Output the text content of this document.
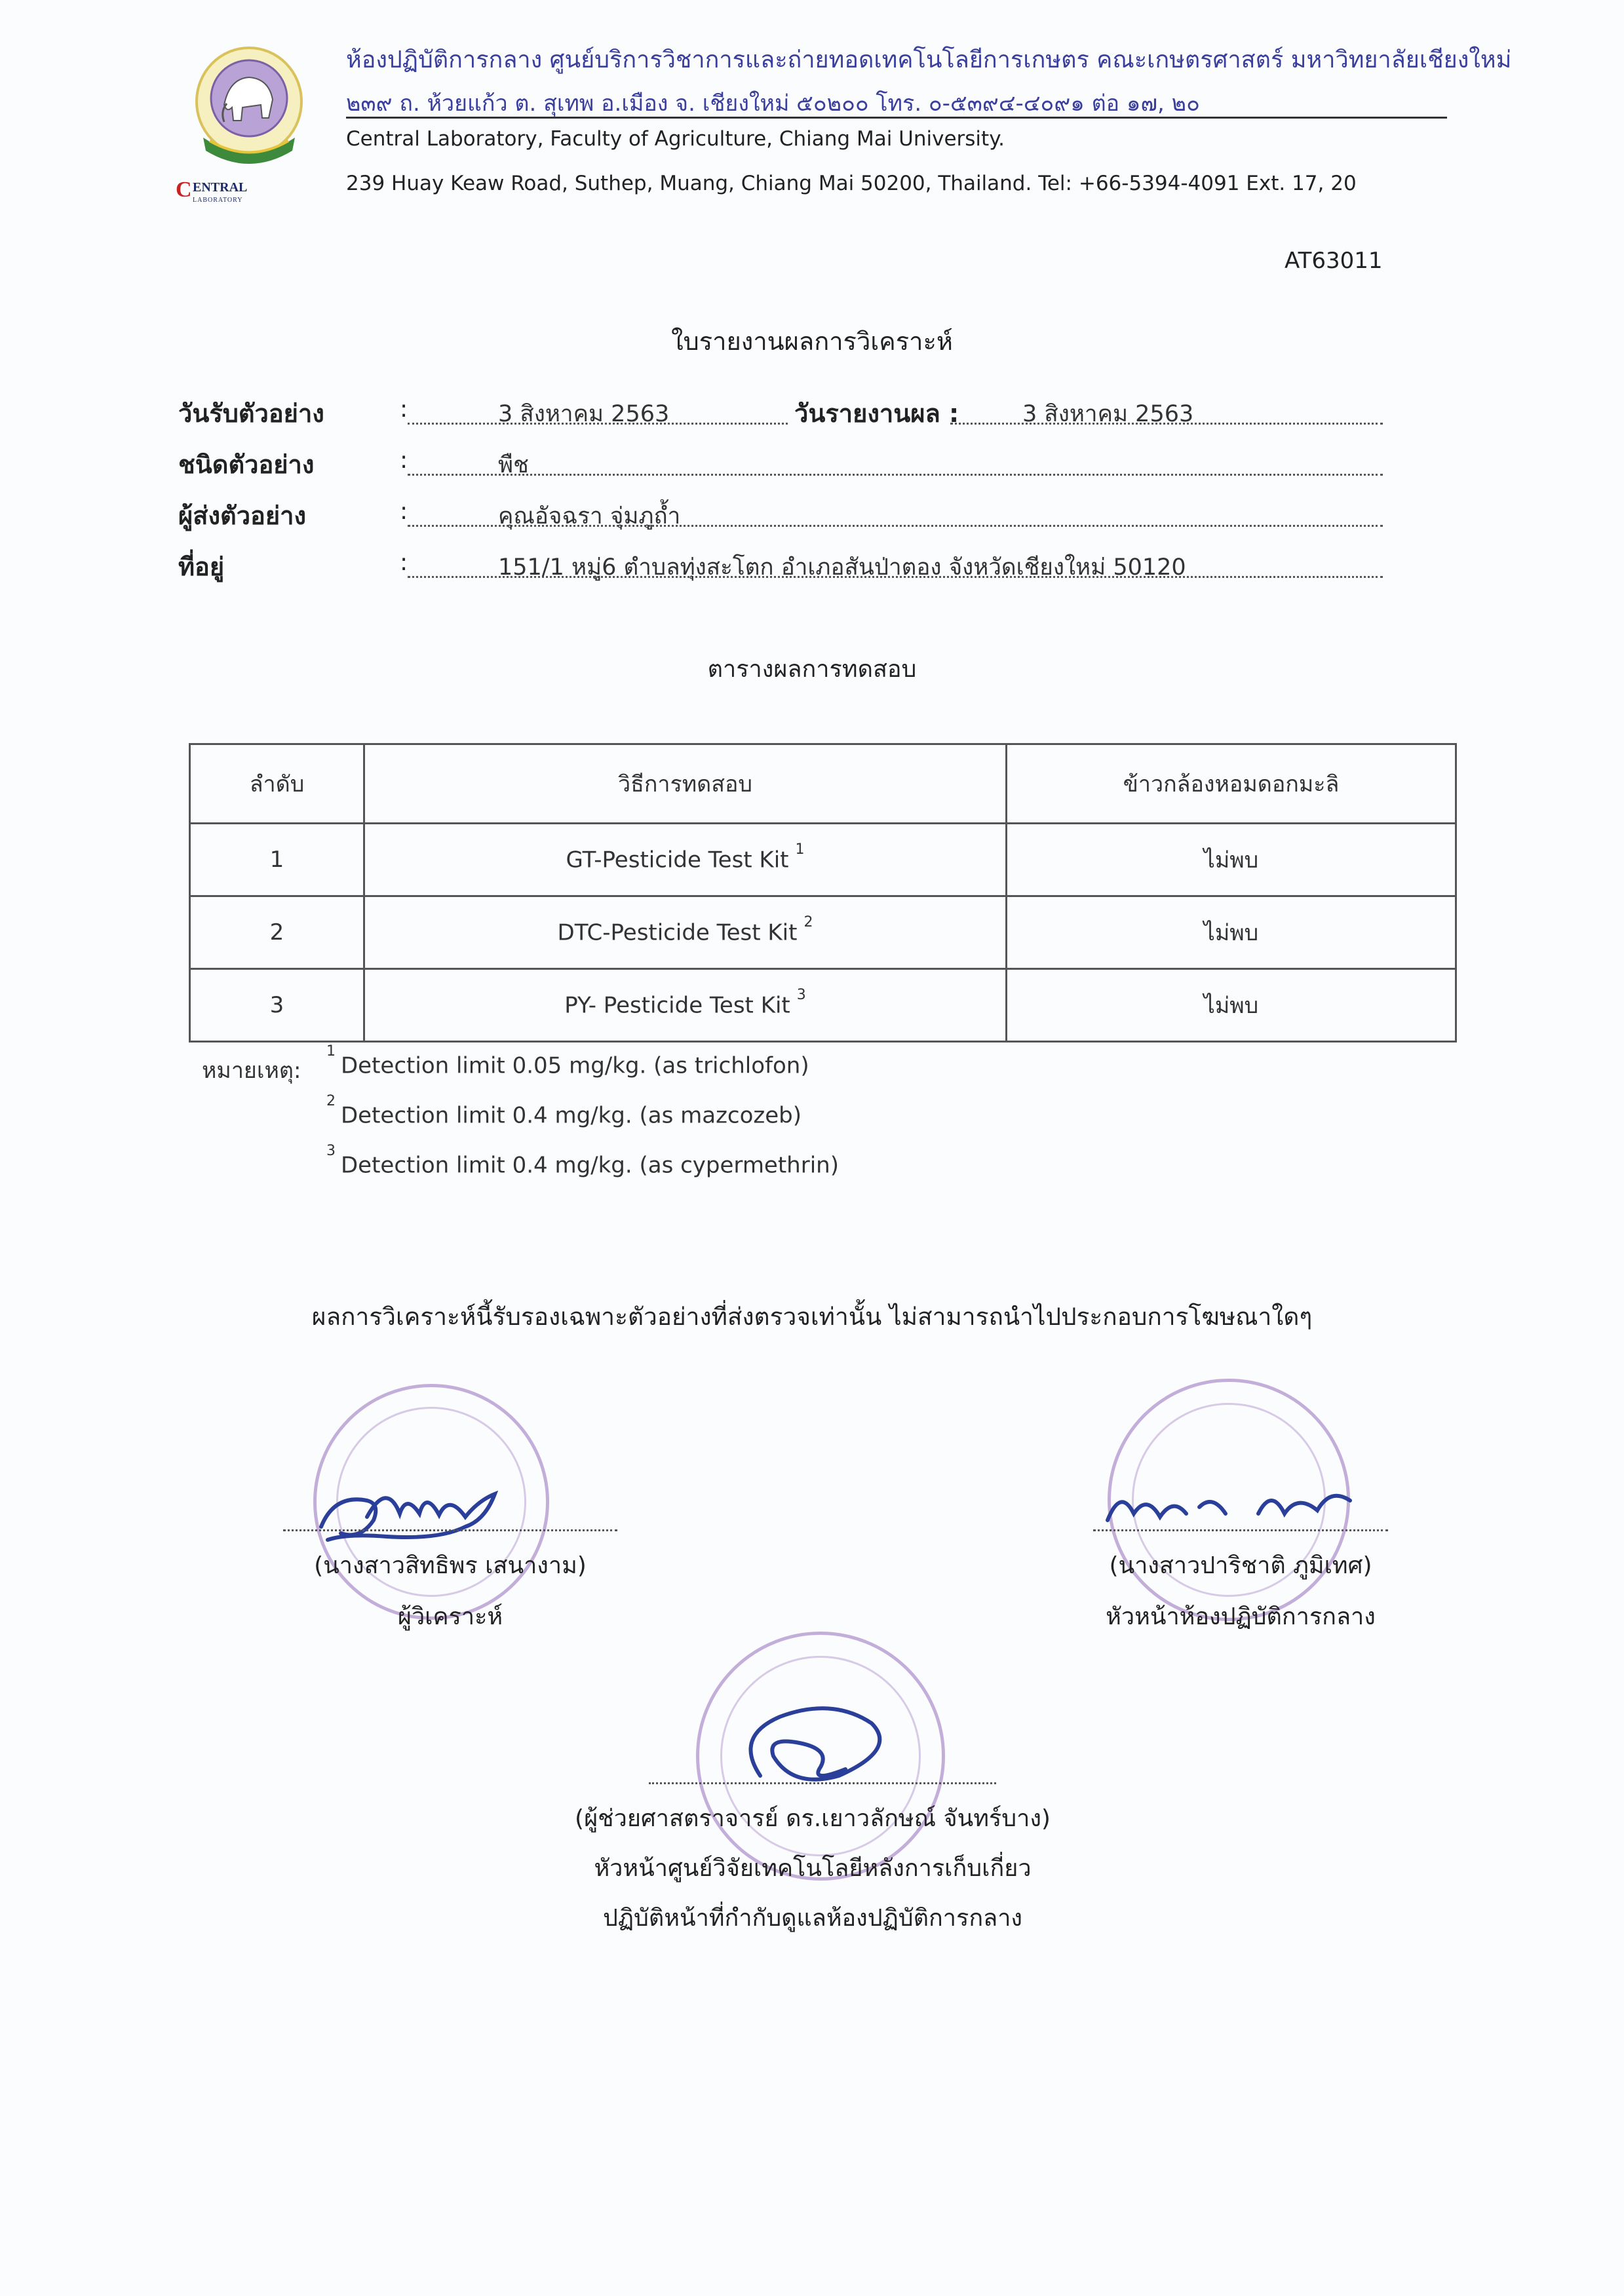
C ENTRAL
LABORATORY
ห้องปฏิบัติการกลาง ศูนย์บริการวิชาการและถ่ายทอดเทคโนโลยีการเกษตร คณะเกษตรศาสตร์ มหาวิทยาลัยเชียงใหม่
๒๓๙ ถ. ห้วยแก้ว ต. สุเทพ อ.เมือง จ. เชียงใหม่ ๕๐๒๐๐ โทร. ๐-๕๓๙๔-๔๐๙๑ ต่อ ๑๗, ๒๐
Central Laboratory, Faculty of Agriculture, Chiang Mai University.
239 Huay Keaw Road, Suthep, Muang, Chiang Mai 50200, Thailand. Tel: +66-5394-4091 Ext. 17, 20
AT63011
ใบรายงานผลการวิเคราะห์
วันรับตัวอย่าง	:	3 สิงหาคม 2563	วันรายงานผล :	3 สิงหาคม 2563
ชนิดตัวอย่าง	:	พืช
ผู้ส่งตัวอย่าง	:	คุณอัจฉรา จุ่มภูถ้ำ
ที่อยู่	:	151/1 หมู่6 ตำบลทุ่งสะโตก อำเภอสันป่าตอง จังหวัดเชียงใหม่ 50120
ตารางผลการทดสอบ
ลำดับ	วิธีการทดสอบ	ข้าวกล้องหอมดอกมะลิ
1	GT-Pesticide Test Kit $^1$	ไม่พบ
2	DTC-Pesticide Test Kit $^2$	ไม่พบ
3	PY- Pesticide Test Kit $^3$	ไม่พบ
หมายเหตุ:
$^1$Detection limit 0.05 mg/kg. (as trichlofon)
$^2$Detection limit 0.4 mg/kg. (as mazcozeb)
$^3$Detection limit 0.4 mg/kg. (as cypermethrin)
ผลการวิเคราะห์นี้รับรองเฉพาะตัวอย่างที่ส่งตรวจเท่านั้น ไม่สามารถนำไปประกอบการโฆษณาใดๆ
(นางสาวสิทธิพร เสนางาม)
ผู้วิเคราะห์
(นางสาวปาริชาติ ภูมิเทศ)
หัวหน้าห้องปฏิบัติการกลาง
(ผู้ช่วยศาสตราจารย์ ดร.เยาวลักษณ์ จันทร์บาง)
หัวหน้าศูนย์วิจัยเทคโนโลยีหลังการเก็บเกี่ยว
ปฏิบัติหน้าที่กำกับดูแลห้องปฏิบัติการกลาง
